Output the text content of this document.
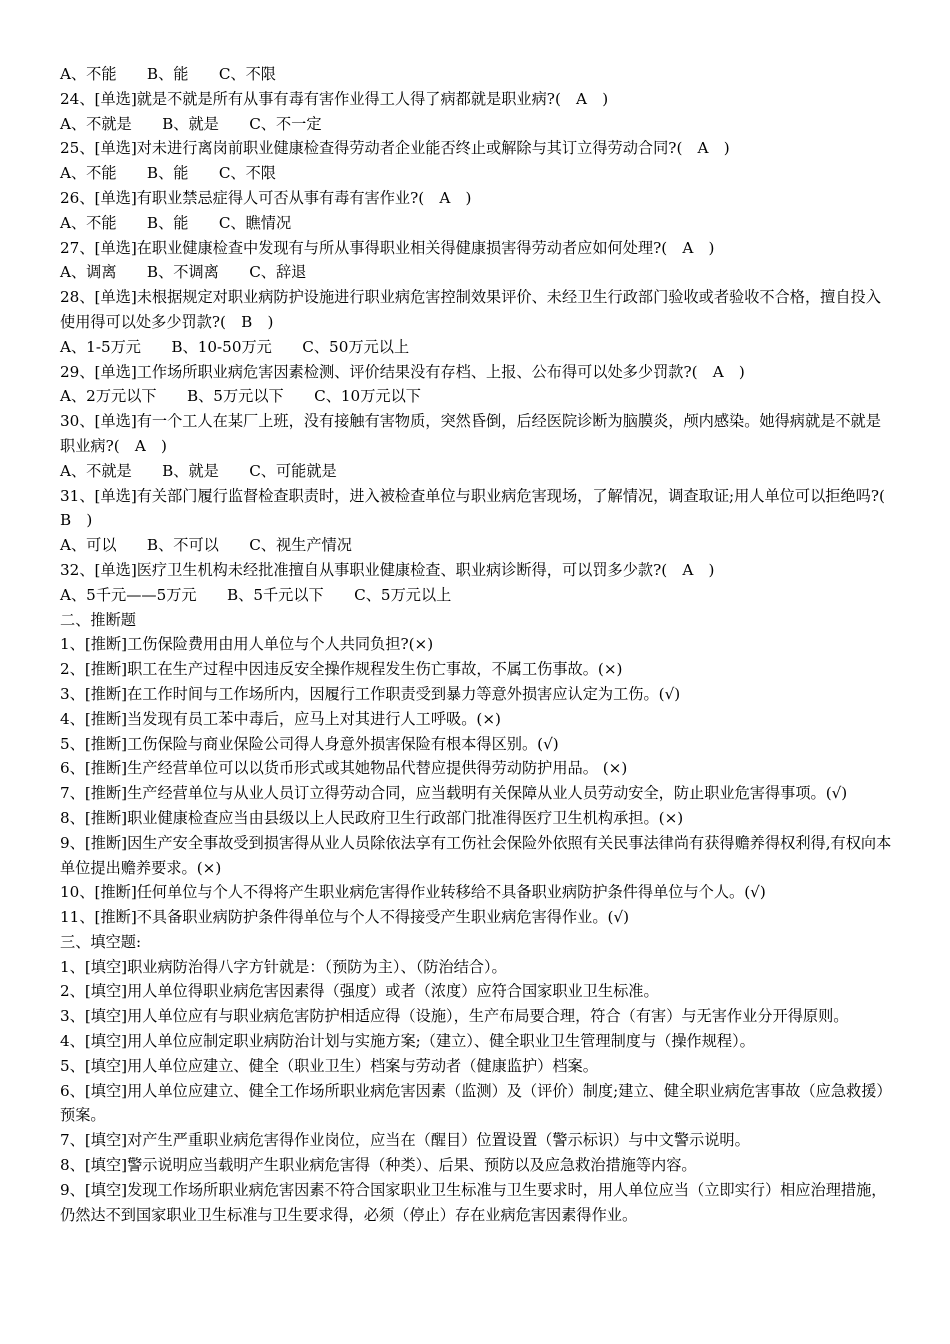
A、不能　　B、能　　C、不限

24、[单选]就是不就是所有从事有毒有害作业得工人得了病都就是职业病?(　A　)

A、不就是　　B、就是　　C、不一定

25、[单选]对未进行离岗前职业健康检查得劳动者企业能否终止或解除与其订立得劳动合同?(　A　)

A、不能　　B、能　　C、不限

26、[单选]有职业禁忌症得人可否从事有毒有害作业?(　A　)

A、不能　　B、能　　C、瞧情况

27、[单选]在职业健康检查中发现有与所从事得职业相关得健康损害得劳动者应如何处理?(　A　)

A、调离　　B、不调离　　C、辞退

28、[单选]未根据规定对职业病防护设施进行职业病危害控制效果评价、未经卫生行政部门验收或者验收不合格，擅自投入使用得可以处多少罚款?(　B　)

A、1-5万元　　B、10-50万元　　C、50万元以上

29、[单选]工作场所职业病危害因素检测、评价结果没有存档、上报、公布得可以处多少罚款?(　A　)

A、2万元以下　　B、5万元以下　　C、10万元以下

30、[单选]有一个工人在某厂上班，没有接触有害物质，突然昏倒，后经医院诊断为脑膜炎，颅内感染。她得病就是不就是职业病?(　A　)

A、不就是　　B、就是　　C、可能就是

31、[单选]有关部门履行监督检查职责时，进入被检查单位与职业病危害现场，了解情况，调查取证;用人单位可以拒绝吗?(　B　)

A、可以　　B、不可以　　C、视生产情况

32、[单选]医疗卫生机构未经批准擅自从事职业健康检查、职业病诊断得，可以罚多少款?(　A　)

A、5千元——5万元　　B、5千元以下　　C、5万元以上

二、推断题

1、[推断]工伤保险费用由用人单位与个人共同负担?(×)

2、[推断]职工在生产过程中因违反安全操作规程发生伤亡事故，不属工伤事故。(×)

3、[推断]在工作时间与工作场所内，因履行工作职责受到暴力等意外损害应认定为工伤。(√)

4、[推断]当发现有员工苯中毒后，应马上对其进行人工呼吸。(×)

5、[推断]工伤保险与商业保险公司得人身意外损害保险有根本得区别。(√)

6、[推断]生产经营单位可以以货币形式或其她物品代替应提供得劳动防护用品。 (×)

7、[推断]生产经营单位与从业人员订立得劳动合同，应当载明有关保障从业人员劳动安全，防止职业危害得事项。(√)

8、[推断]职业健康检查应当由县级以上人民政府卫生行政部门批准得医疗卫生机构承担。(×)

9、[推断]因生产安全事故受到损害得从业人员除依法享有工伤社会保险外依照有关民事法律尚有获得赡养得权利得,有权向本单位提出赡养要求。(×)

10、[推断]任何单位与个人不得将产生职业病危害得作业转移给不具备职业病防护条件得单位与个人。(√)

11、[推断]不具备职业病防护条件得单位与个人不得接受产生职业病危害得作业。(√)

三、填空题:

1、[填空]职业病防治得八字方针就是：（预防为主）、（防治结合）。

2、[填空]用人单位得职业病危害因素得（强度）或者（浓度）应符合国家职业卫生标准。

3、[填空]用人单位应有与职业病危害防护相适应得（设施），生产布局要合理，符合（有害）与无害作业分开得原则。

4、[填空]用人单位应制定职业病防治计划与实施方案;（建立）、健全职业卫生管理制度与（操作规程）。

5、[填空]用人单位应建立、健全（职业卫生）档案与劳动者（健康监护）档案。

6、[填空]用人单位应建立、健全工作场所职业病危害因素（监测）及（评价）制度;建立、健全职业病危害事故（应急救援）预案。

7、[填空]对产生严重职业病危害得作业岗位，应当在（醒目）位置设置（警示标识）与中文警示说明。

8、[填空]警示说明应当载明产生职业病危害得（种类）、后果、预防以及应急救治措施等内容。

9、[填空]发现工作场所职业病危害因素不符合国家职业卫生标准与卫生要求时，用人单位应当（立即实行）相应治理措施，仍然达不到国家职业卫生标准与卫生要求得，必须（停止）存在业病危害因素得作业。
